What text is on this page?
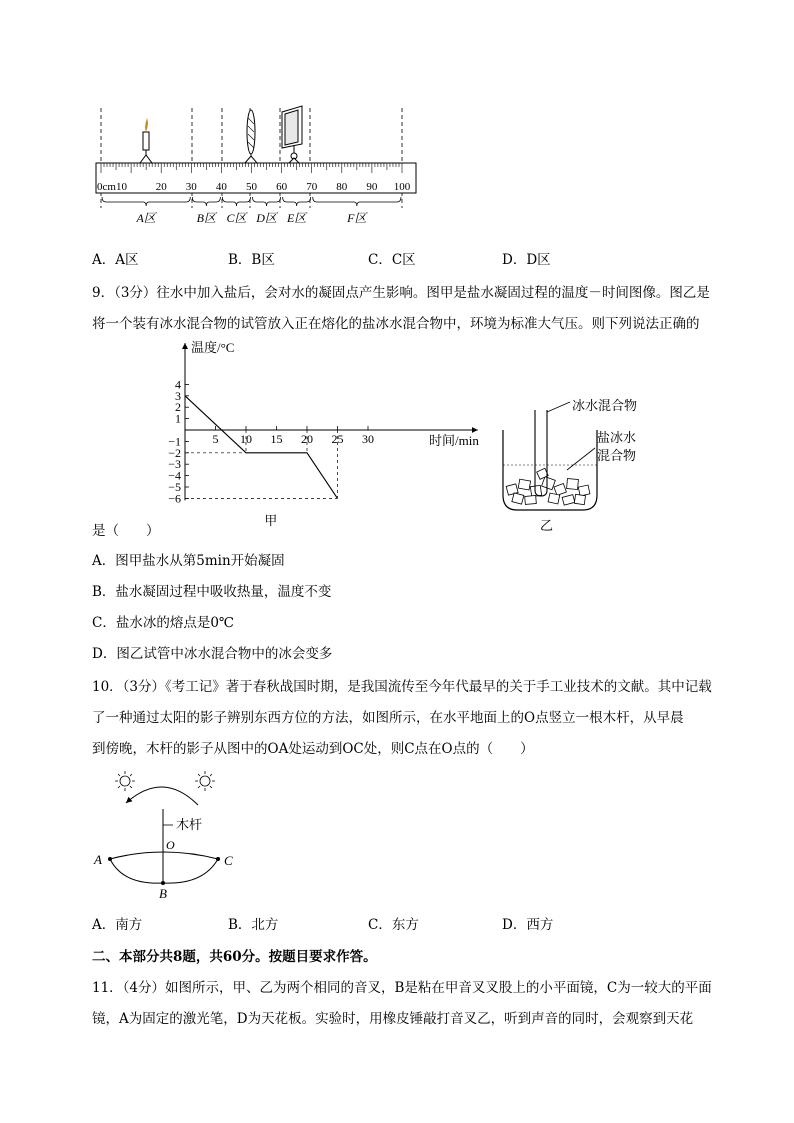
0cm10	20 30 40 50 60 70 80 90 100
A区	B区 C区 D区 E区	F区
A．A区	B．B区	C．C区	D．D区
9．（3分）往水中加入盐后，会对水的凝固点产生影响。图甲是盐水凝固过程的温度－时间图像。图乙是
将一个装有冰水混合物的试管放入正在熔化的盐冰水混合物中，环境为标准大气压。则下列说法正确的
5 10 15 20 25 30
4
3
2
1
−1
−2
−3
−4
−5
−6
温度/°C
时间/min
甲
冰水混合物
盐冰水
混合物
乙
是（　　）
A．图甲盐水从第5min开始凝固
B．盐水凝固过程中吸收热量，温度不变
C．盐水冰的熔点是0℃
D．图乙试管中冰水混合物中的冰会变多
10．（3分）《考工记》著于春秋战国时期，是我国流传至今年代最早的关于手工业技术的文献。其中记载
了一种通过太阳的影子辨别东西方位的方法，如图所示，在水平地面上的O点竖立一根木杆，从早晨
到傍晚，木杆的影子从图中的OA处运动到OC处，则C点在O点的（　　）
木杆
O
A	C
B
A．南方	B．北方	C．东方	D．西方
二、本部分共8题，共60分。按题目要求作答。
11．（4分）如图所示，甲、乙为两个相同的音叉，B是粘在甲音叉叉股上的小平面镜，C为一较大的平面
镜，A为固定的激光笔，D为天花板。实验时，用橡皮锤敲打音叉乙，听到声音的同时，会观察到天花
